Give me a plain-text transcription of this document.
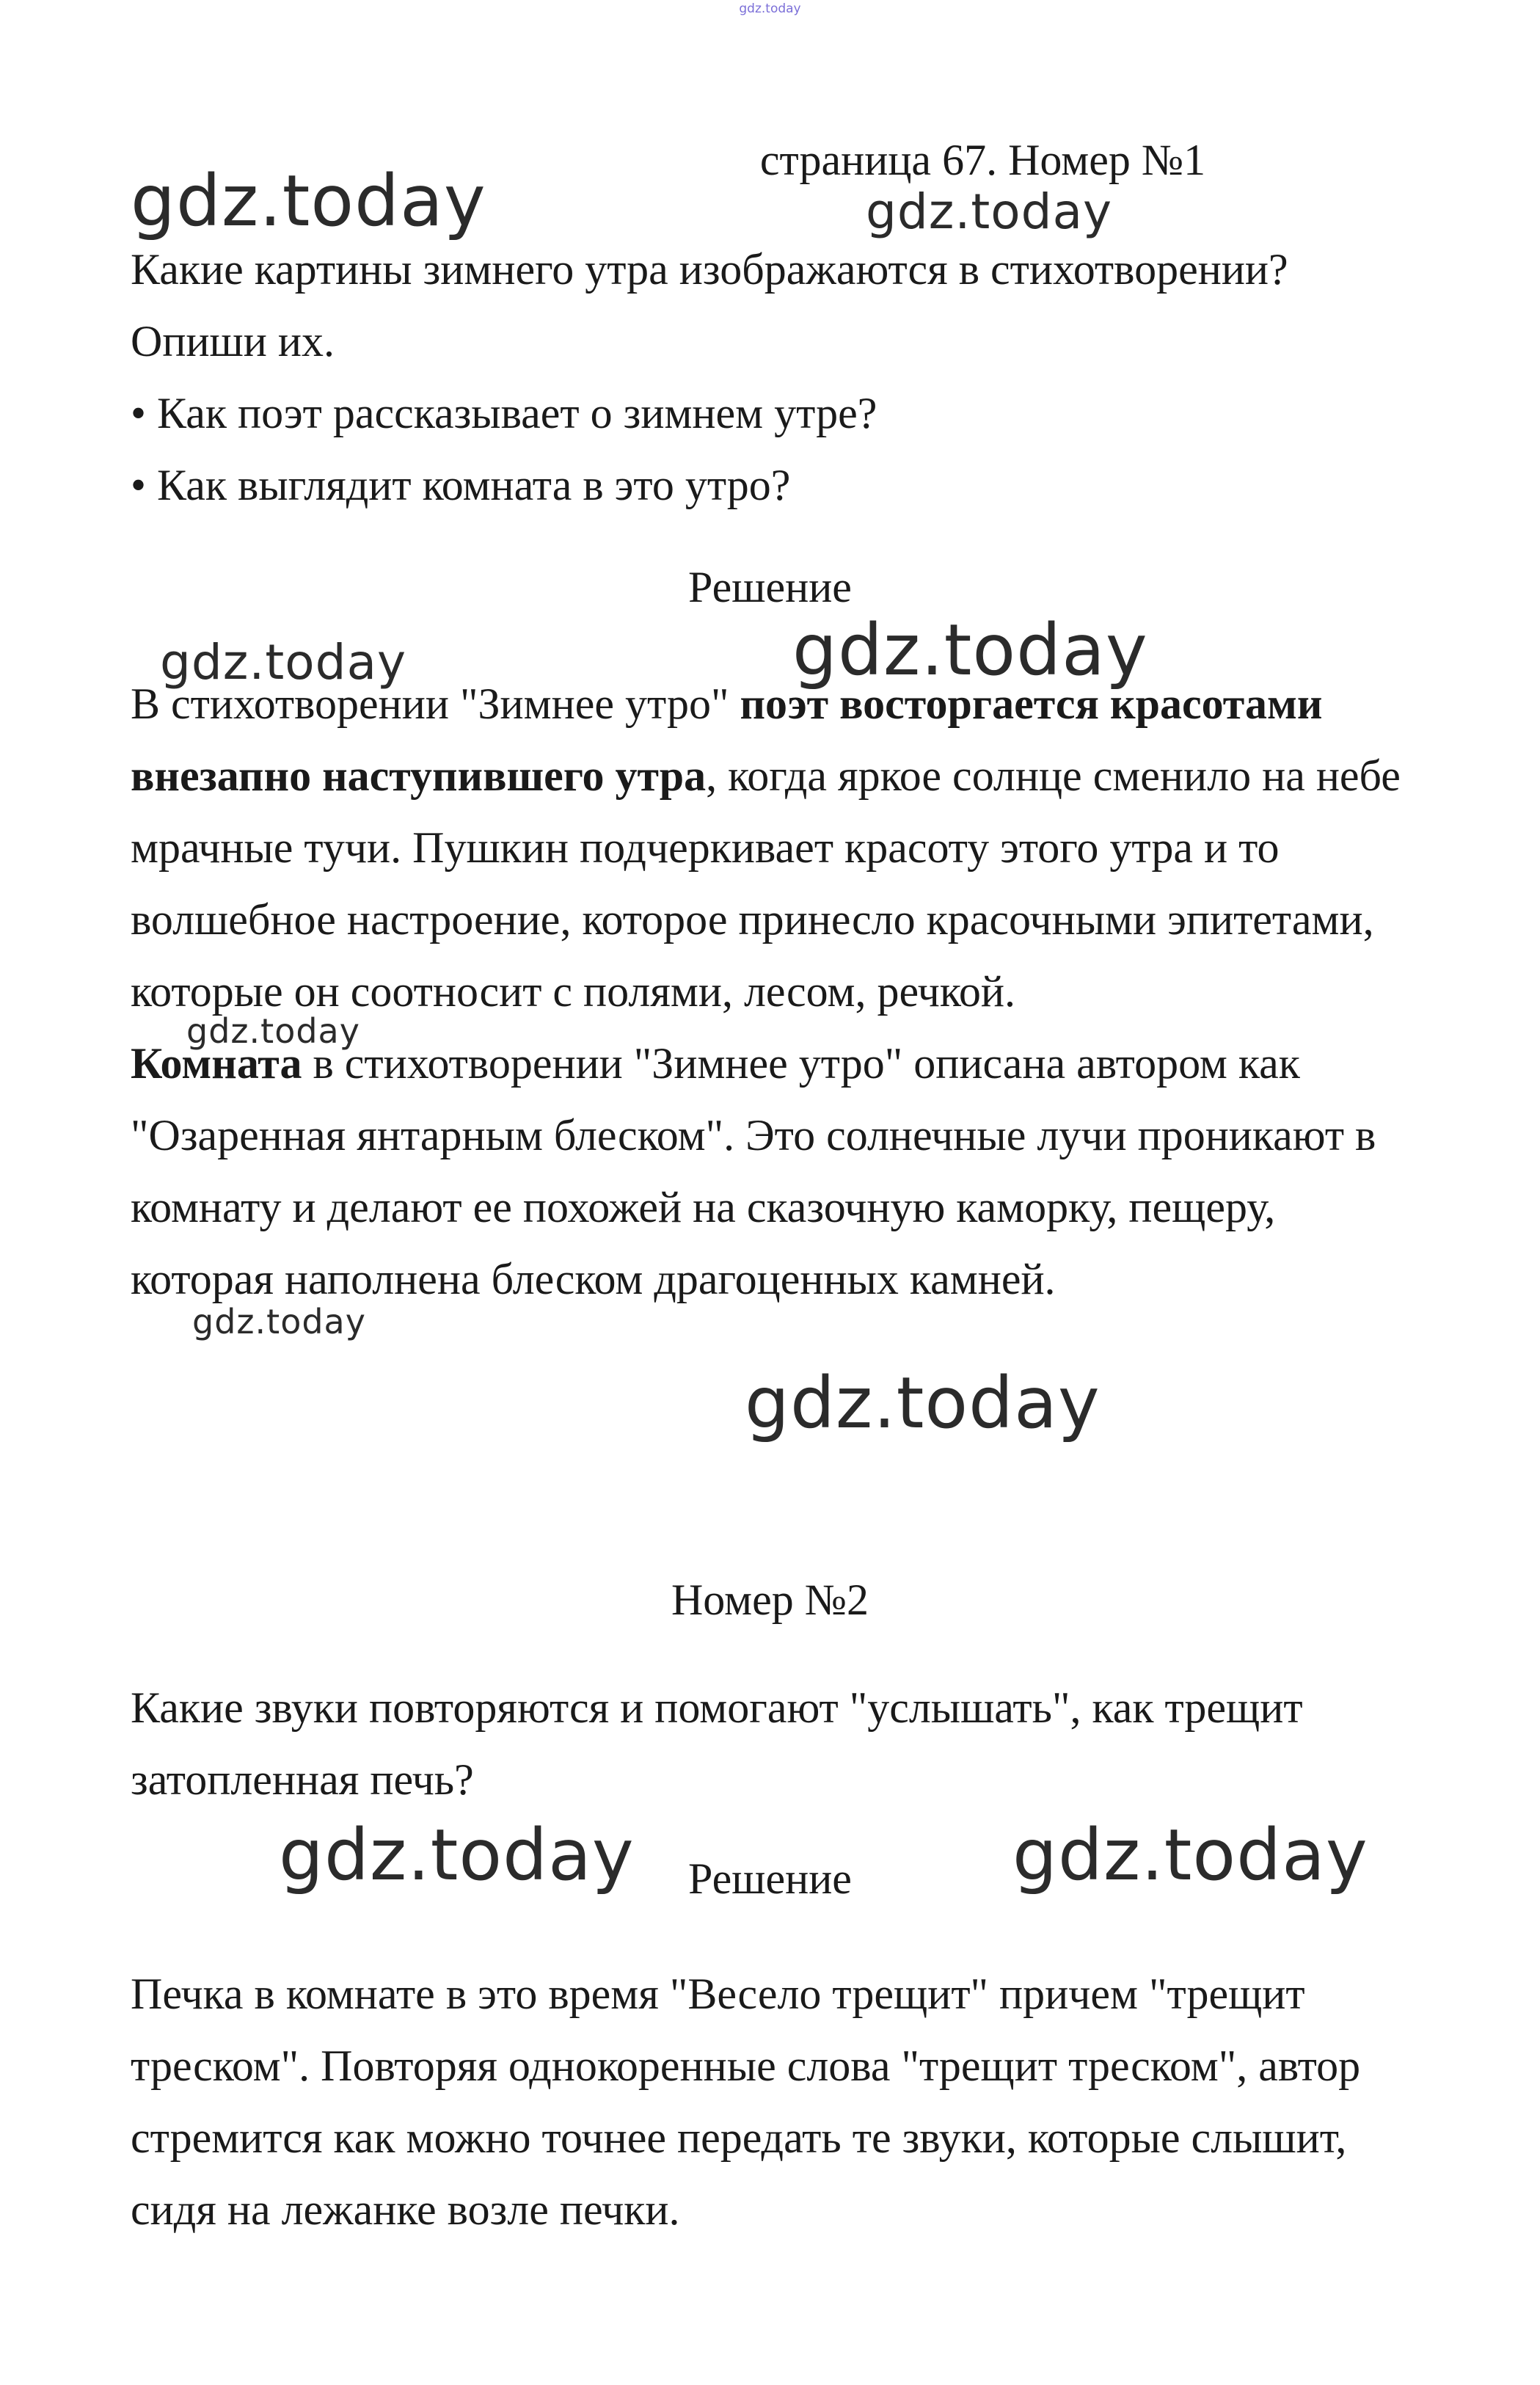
gdz.today
страница 67. Номер №1

Какие картины зимнего утра изображаются в стихотворении? Опиши их.

• Как поэт рассказывает о зимнем утре?

• Как выглядит комната в это утро?

Решение

В стихотворении "Зимнее утро" поэт восторгается красотами внезапно наступившего утра, когда яркое солнце сменило на небе мрачные тучи. Пушкин подчеркивает красоту этого утра и то волшебное настроение, которое принесло красочными эпитетами, которые он соотносит с полями, лесом, речкой.

Комната в стихотворении "Зимнее утро" описана автором как "Озаренная янтарным блеском". Это солнечные лучи проникают в комнату и делают ее похожей на сказочную каморку, пещеру, которая наполнена блеском драгоценных камней.

Номер №2
Какие звуки повторяются и помогают "услышать", как трещит затопленная печь?
Решение
Печка в комнате в это время "Весело трещит" причем "трещит треском". Повторяя однокоренные слова "трещит треском", автор стремится как можно точнее передать те звуки, которые слышит, сидя на лежанке возле печки.
gdz.today	gdz.today
gdz.today	gdz.today
gdz.today
gdz.today
gdz.today
gdz.today	gdz.today
